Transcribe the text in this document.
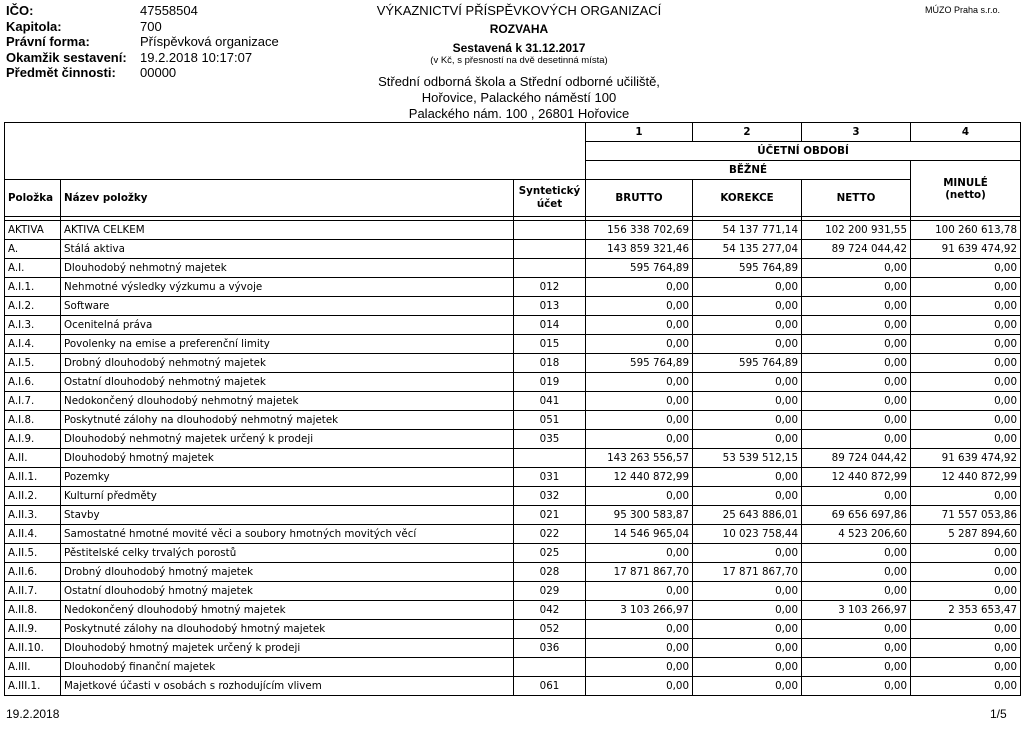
IČO:	47558504
Kapitola:	700
Právní forma:	Příspěvková organizace
Okamžik sestavení: 19.2.2018 10:17:07
Předmět činnosti: 00000
VÝKAZNICTVÍ PŘÍSPĚVKOVÝCH ORGANIZACÍ
ROZVAHA
Sestavená k 31.12.2017
(v Kč, s přesností na dvě desetinná místa)
Střední odborná škola a Střední odborné učiliště,
Hořovice, Palackého náměstí 100
Palackého nám. 100 , 26801 Hořovice
MÚZO Praha s.r.o.
			1	2	3	4
			ÚČETNÍ OBDOBÍ			
			BĚŽNÉ			MINULÉ
(netto)
Položka	Název položky	Syntetický účet	BRUTTO	KOREKCE	NETTO	

AKTIVA	AKTIVA CELKEM		156 338 702,69	54 137 771,14	102 200 931,55	100 260 613,78
A.	Stálá aktiva		143 859 321,46	54 135 277,04	89 724 044,42	91 639 474,92
A.I.	Dlouhodobý nehmotný majetek		595 764,89	595 764,89	0,00	0,00
A.I.1.	Nehmotné výsledky výzkumu a vývoje	012	0,00	0,00	0,00	0,00
A.I.2.	Software	013	0,00	0,00	0,00	0,00
A.I.3.	Ocenitelná práva	014	0,00	0,00	0,00	0,00
A.I.4.	Povolenky na emise a preferenční limity	015	0,00	0,00	0,00	0,00
A.I.5.	Drobný dlouhodobý nehmotný majetek	018	595 764,89	595 764,89	0,00	0,00
A.I.6.	Ostatní dlouhodobý nehmotný majetek	019	0,00	0,00	0,00	0,00
A.I.7.	Nedokončený dlouhodobý nehmotný majetek	041	0,00	0,00	0,00	0,00
A.I.8.	Poskytnuté zálohy na dlouhodobý nehmotný majetek	051	0,00	0,00	0,00	0,00
A.I.9.	Dlouhodobý nehmotný majetek určený k prodeji	035	0,00	0,00	0,00	0,00
A.II.	Dlouhodobý hmotný majetek		143 263 556,57	53 539 512,15	89 724 044,42	91 639 474,92
A.II.1.	Pozemky	031	12 440 872,99	0,00	12 440 872,99	12 440 872,99
A.II.2.	Kulturní předměty	032	0,00	0,00	0,00	0,00
A.II.3.	Stavby	021	95 300 583,87	25 643 886,01	69 656 697,86	71 557 053,86
A.II.4.	Samostatné hmotné movité věci a soubory hmotných movitých věcí	022	14 546 965,04	10 023 758,44	4 523 206,60	5 287 894,60
A.II.5.	Pěstitelské celky trvalých porostů	025	0,00	0,00	0,00	0,00
A.II.6.	Drobný dlouhodobý hmotný majetek	028	17 871 867,70	17 871 867,70	0,00	0,00
A.II.7.	Ostatní dlouhodobý hmotný majetek	029	0,00	0,00	0,00	0,00
A.II.8.	Nedokončený dlouhodobý hmotný majetek	042	3 103 266,97	0,00	3 103 266,97	2 353 653,47
A.II.9.	Poskytnuté zálohy na dlouhodobý hmotný majetek	052	0,00	0,00	0,00	0,00
A.II.10.	Dlouhodobý hmotný majetek určený k prodeji	036	0,00	0,00	0,00	0,00
A.III.	Dlouhodobý finanční majetek		0,00	0,00	0,00	0,00
A.III.1.	Majetkové účasti v osobách s rozhodujícím vlivem	061	0,00	0,00	0,00	0,00
19.2.2018	1/5
